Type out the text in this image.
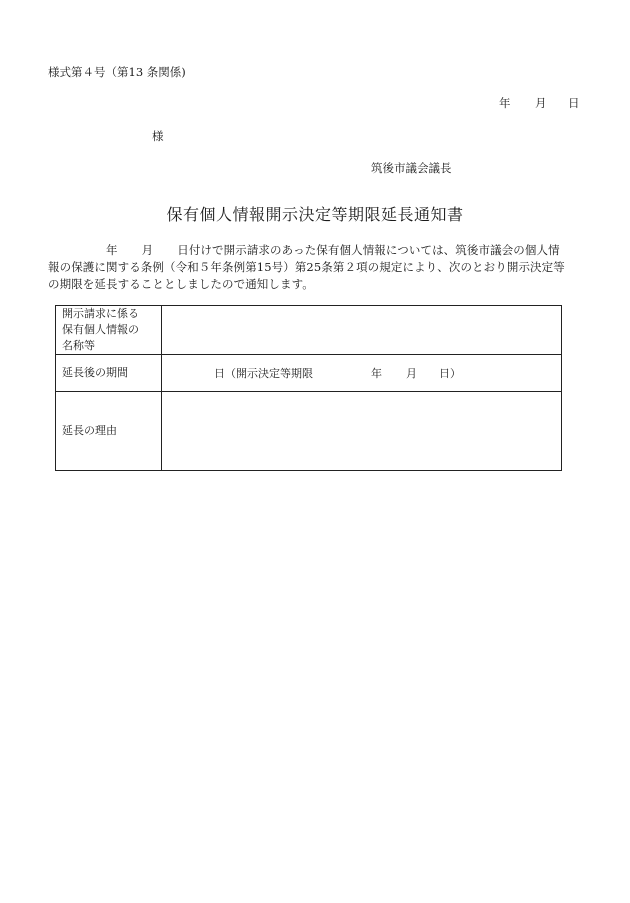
様式第４号（第13 条関係)
年 月 日
様
筑後市議会議長
保有個人情報開示決定等期限延長通知書
年 月 日付けで開示請求のあった保有個人情報については、筑後市議会の個人情
報の保護に関する条例（令和５年条例第15号）第25条第２項の規定により、次のとおり開示決定等
の期限を延長することとしましたので通知します。
開示請求に係る
保有個人情報の
名称等	

延長後の期間	日（開示決定等期限 年 月 日）
延長の理由	
